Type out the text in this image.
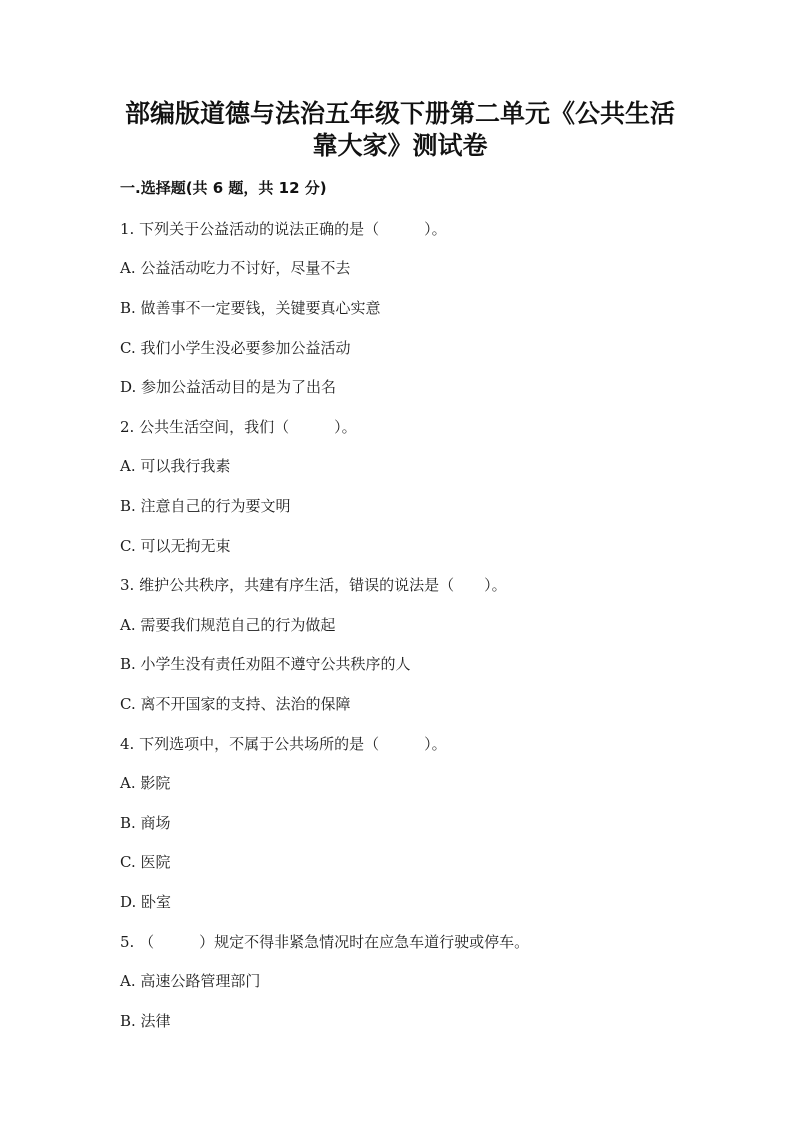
部编版道德与法治五年级下册第二单元《公共生活
靠大家》测试卷
一.选择题(共 6 题，共 12 分)
1. 下列关于公益活动的说法正确的是（　　　）。
A. 公益活动吃力不讨好，尽量不去
B. 做善事不一定要钱，关键要真心实意
C. 我们小学生没必要参加公益活动
D. 参加公益活动目的是为了出名
2. 公共生活空间，我们（　　　）。
A. 可以我行我素
B. 注意自己的行为要文明
C. 可以无拘无束
3. 维护公共秩序，共建有序生活，错误的说法是（　　）。
A. 需要我们规范自己的行为做起
B. 小学生没有责任劝阻不遵守公共秩序的人
C. 离不开国家的支持、法治的保障
4. 下列选项中，不属于公共场所的是（　　　）。
A. 影院
B. 商场
C. 医院
D. 卧室
5. （　　　）规定不得非紧急情况时在应急车道行驶或停车。
A. 高速公路管理部门
B. 法律
